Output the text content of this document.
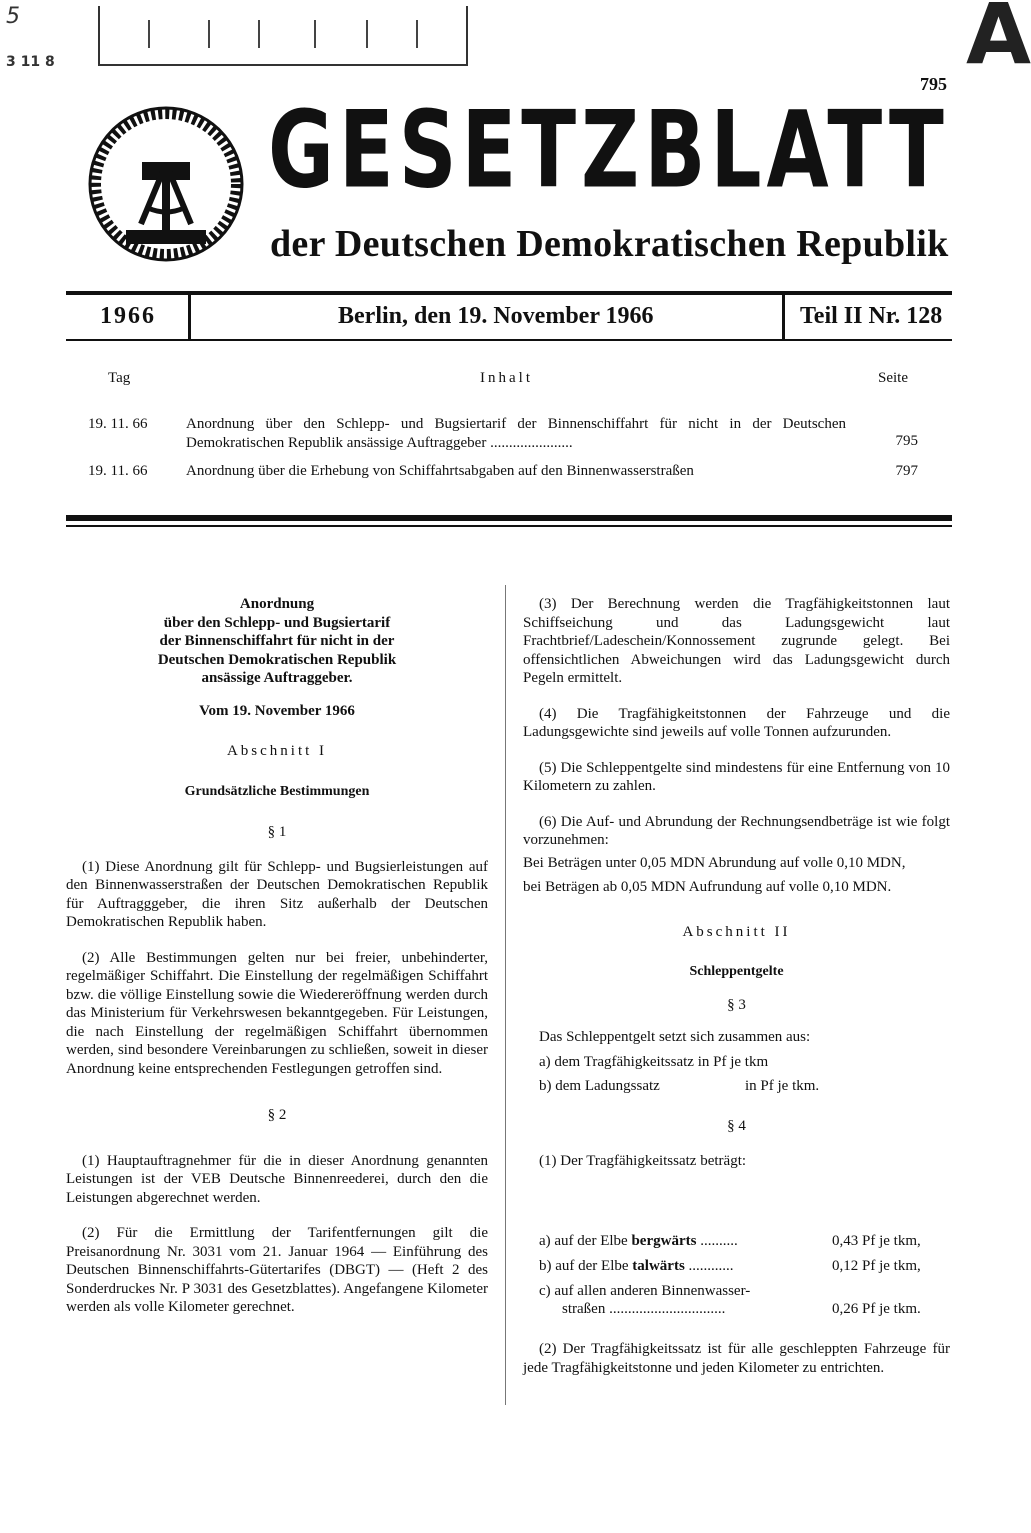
5
3 11 8	A
795
GESETZBLATT
der Deutschen Demokratischen Republik
1966	Berlin, den 19. November 1966	Teil II Nr. 128
Tag	Inhalt	Seite
19. 11. 66	Anordnung über den Schlepp- und Bugsiertarif der Binnenschiffahrt für nicht in der Deutschen Demokratischen Republik ansässige Auftraggeber ......................	795
19. 11. 66	Anordnung über die Erhebung von Schiffahrtsabgaben auf den Binnenwasserstraßen	797
Anordnung
über den Schlepp- und Bugsiertarif
der Binnenschiffahrt für nicht in der
Deutschen Demokratischen Republik
ansässige Auftraggeber.
Vom 19. November 1966
Abschnitt I
Grundsätzliche Bestimmungen
§ 1

(1) Diese Anordnung gilt für Schlepp- und Bugsierleistungen auf den Binnenwasserstraßen der Deutschen Demokratischen Republik für Auftragggeber, die ihren Sitz außerhalb der Deutschen Demokratischen Republik haben.

(2) Alle Bestimmungen gelten nur bei freier, unbehinderter, regelmäßiger Schiffahrt. Die Einstellung der regelmäßigen Schiffahrt bzw. die völlige Einstellung sowie die Wiedereröffnung werden durch das Ministerium für Verkehrswesen bekanntgegeben. Für Leistungen, die nach Einstellung der regelmäßigen Schiffahrt übernommen werden, sind besondere Vereinbarungen zu schließen, soweit in dieser Anordnung keine entsprechenden Festlegungen getroffen sind.

§ 2

(1) Hauptauftragnehmer für die in dieser Anordnung genannten Leistungen ist der VEB Deutsche Binnenreederei, durch den die Leistungen abgerechnet werden.

(2) Für die Ermittlung der Tarifentfernungen gilt die Preisanordnung Nr. 3031 vom 21. Januar 1964 — Einführung des Deutschen Binnenschiffahrts-Gütertarifes (DBGT) — (Heft 2 des Sonderdruckes Nr. P 3031 des Gesetzblattes). Angefangene Kilometer werden als volle Kilometer gerechnet.

(3) Der Berechnung werden die Tragfähigkeitstonnen laut Schiffseichung und das Ladungsgewicht laut Frachtbrief/Ladeschein/Konnossement zugrunde gelegt. Bei offensichtlichen Abweichungen wird das Ladungsgewicht durch Pegeln ermittelt.

(4) Die Tragfähigkeitstonnen der Fahrzeuge und die Ladungsgewichte sind jeweils auf volle Tonnen aufzurunden.

(5) Die Schleppentgelte sind mindestens für eine Entfernung von 10 Kilometern zu zahlen.

(6) Die Auf- und Abrundung der Rechnungsendbeträge ist wie folgt vorzunehmen:

Bei Beträgen unter 0,05 MDN Abrundung auf volle 0,10 MDN,

bei Beträgen ab 0,05 MDN Aufrundung auf volle 0,10 MDN.

Abschnitt II
Schleppentgelte
§ 3
Das Schleppentgelt setzt sich zusammen aus:
a) dem Tragfähigkeitssatz in Pf je tkm
b) dem Ladungssatz	in Pf je tkm.
§ 4
(1) Der Tragfähigkeitssatz beträgt:
a) auf der Elbe bergwärts ..........	0,43 Pf je tkm,
b) auf der Elbe talwärts ............	0,12 Pf je tkm,
c) auf allen anderen Binnenwasser-
straßen ...............................	0,26 Pf je tkm.

(2) Der Tragfähigkeitssatz ist für alle geschleppten Fahrzeuge für jede Tragfähigkeitstonne und jeden Kilometer zu entrichten.
